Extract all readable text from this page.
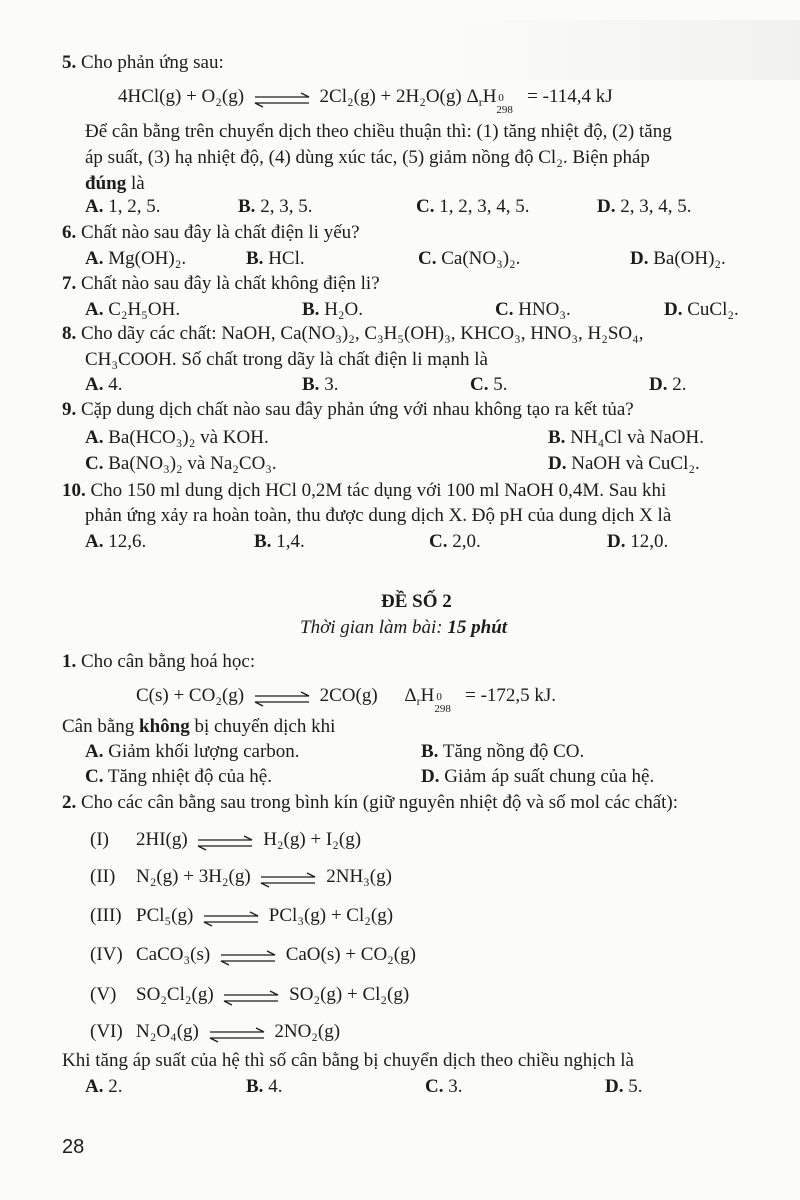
5. Cho phản ứng sau:
4HCl(g) + O₂(g) ⇌ 2Cl₂(g) + 2H₂O(g) $\Delta_rH$ 0
298
= -114,4 kJ
Để cân bằng trên chuyển dịch theo chiều thuận thì: (1) tăng nhiệt độ, (2) tăng
áp suất, (3) hạ nhiệt độ, (4) dùng xúc tác, (5) giảm nồng độ Cl₂. Biện pháp
đúng là
A. 1, 2, 5.	B. 2, 3, 5.	C. 1, 2, 3, 4, 5.	D. 2, 3, 4, 5.
6. Chất nào sau đây là chất điện li yếu?
A. Mg(OH)₂.	B. HCl.	C. Ca(NO₃)₂.	D. Ba(OH)₂.
7. Chất nào sau đây là chất không điện li?
A. C₂H₅OH.	B. H₂O.	C. HNO₃.	D. CuCl₂.
8. Cho dãy các chất: NaOH, Ca(NO₃)₂, C₃H₅(OH)₃, KHCO₃, HNO₃, H₂SO₄,
CH₃COOH. Số chất trong dãy là chất điện li mạnh là
A. 4.	B. 3.	C. 5.	D. 2.
9. Cặp dung dịch chất nào sau đây phản ứng với nhau không tạo ra kết tủa?
A. Ba(HCO₃)₂ và KOH.	B. NH₄Cl và NaOH.
C. Ba(NO₃)₂ và Na₂CO₃.	D. NaOH và CuCl₂.
10. Cho 150 ml dung dịch HCl 0,2M tác dụng với 100 ml NaOH 0,4M. Sau khi
phản ứng xảy ra hoàn toàn, thu được dung dịch X. Độ pH của dung dịch X là
A. 12,6.	B. 1,4.	C. 2,0.	D. 12,0.
ĐỀ SỐ 2
Thời gian làm bài: 15 phút
1. Cho cân bằng hoá học:
C(s) + CO₂(g) ⇌ 2CO(g) $\Delta_rH$ 0
298
= -172,5 kJ.
Cân bằng không bị chuyển dịch khi
A. Giảm khối lượng carbon.	B. Tăng nồng độ CO.
C. Tăng nhiệt độ của hệ.	D. Giảm áp suất chung của hệ.
2. Cho các cân bằng sau trong bình kín (giữ nguyên nhiệt độ và số mol các chất):
(I) 2HI(g) ⇌ H₂(g) + I₂(g)
(II) N₂(g) + 3H₂(g) ⇌ 2NH₃(g)
(III) PCl₅(g) ⇌ PCl₃(g) + Cl₂(g)
(IV) CaCO₃(s) ⇌ CaO(s) + CO₂(g)
(V) SO₂Cl₂(g) ⇌ SO₂(g) + Cl₂(g)
(VI) N₂O₄(g) ⇌ 2NO₂(g)
Khi tăng áp suất của hệ thì số cân bằng bị chuyển dịch theo chiều nghịch là
A. 2.	B. 4.	C. 3.	D. 5.
28
